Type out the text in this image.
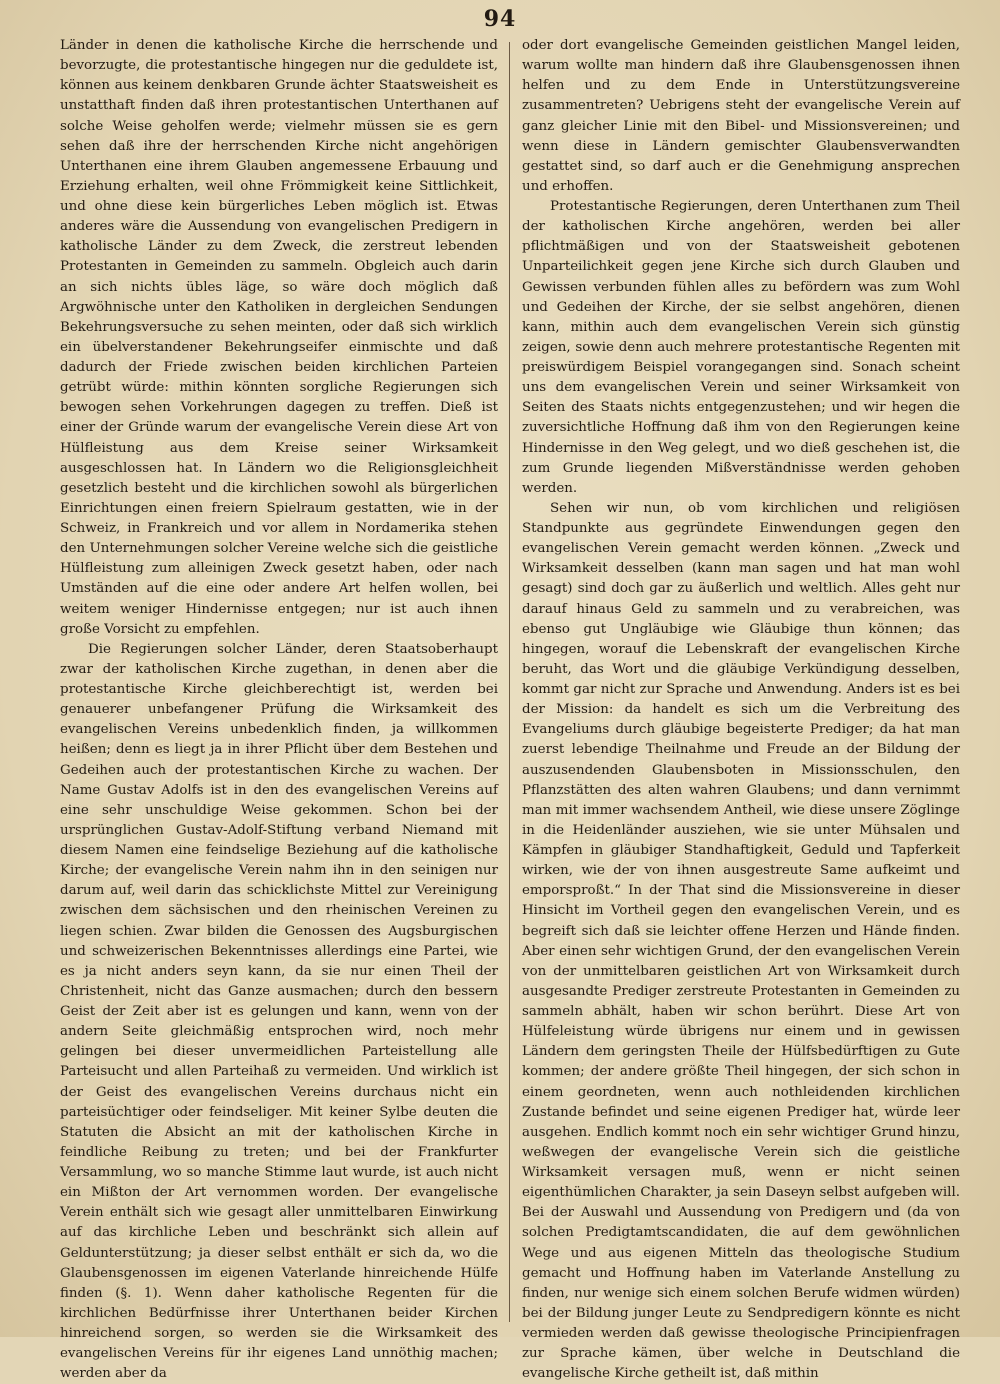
94

Länder in denen die katholische Kirche die herrschende und bevorzugte, die protestantische hingegen nur die geduldete ist, können aus keinem denkbaren Grunde ächter Staatsweisheit es unstatthaft finden daß ihren protestantischen Unterthanen auf solche Weise geholfen werde; vielmehr müssen sie es gern sehen daß ihre der herrschenden Kirche nicht angehörigen Unterthanen eine ihrem Glauben angemessene Erbauung und Erziehung erhalten, weil ohne Frömmigkeit keine Sittlichkeit, und ohne diese kein bürgerliches Leben möglich ist. Etwas anderes wäre die Aussendung von evangelischen Predigern in katholische Länder zu dem Zweck, die zerstreut lebenden Protestanten in Gemeinden zu sammeln. Obgleich auch darin an sich nichts übles läge, so wäre doch möglich daß Argwöhnische unter den Katholiken in dergleichen Sendungen Bekehrungsversuche zu sehen meinten, oder daß sich wirklich ein übelverstandener Bekehrungseifer einmischte und daß dadurch der Friede zwischen beiden kirchlichen Parteien getrübt würde: mithin könnten sorgliche Regierungen sich bewogen sehen Vorkehrungen dagegen zu treffen. Dieß ist einer der Gründe warum der evangelische Verein diese Art von Hülfleistung aus dem Kreise seiner Wirksamkeit ausgeschlossen hat. In Ländern wo die Religionsgleichheit gesetzlich besteht und die kirchlichen sowohl als bürgerlichen Einrichtungen einen freiern Spielraum gestatten, wie in der Schweiz, in Frankreich und vor allem in Nordamerika stehen den Unternehmungen solcher Vereine welche sich die geistliche Hülfleistung zum alleinigen Zweck gesetzt haben, oder nach Umständen auf die eine oder andere Art helfen wollen, bei weitem weniger Hindernisse entgegen; nur ist auch ihnen große Vorsicht zu empfehlen.

Die Regierungen solcher Länder, deren Staatsoberhaupt zwar der katholischen Kirche zugethan, in denen aber die protestantische Kirche gleichberechtigt ist, werden bei genauerer unbefangener Prüfung die Wirksamkeit des evangelischen Vereins unbedenklich finden, ja willkommen heißen; denn es liegt ja in ihrer Pflicht über dem Bestehen und Gedeihen auch der protestantischen Kirche zu wachen. Der Name Gustav Adolfs ist in den des evangelischen Vereins auf eine sehr unschuldige Weise gekommen. Schon bei der ursprünglichen Gustav-Adolf-Stiftung verband Niemand mit diesem Namen eine feindselige Beziehung auf die katholische Kirche; der evangelische Verein nahm ihn in den seinigen nur darum auf, weil darin das schicklichste Mittel zur Vereinigung zwischen dem sächsischen und den rheinischen Vereinen zu liegen schien. Zwar bilden die Genossen des Augsburgischen und schweizerischen Bekenntnisses allerdings eine Partei, wie es ja nicht anders seyn kann, da sie nur einen Theil der Christenheit, nicht das Ganze ausmachen; durch den bessern Geist der Zeit aber ist es gelungen und kann, wenn von der andern Seite gleichmäßig entsprochen wird, noch mehr gelingen bei dieser unvermeidlichen Parteistellung alle Parteisucht und allen Parteihaß zu vermeiden. Und wirklich ist der Geist des evangelischen Vereins durchaus nicht ein parteisüchtiger oder feindseliger. Mit keiner Sylbe deuten die Statuten die Absicht an mit der katholischen Kirche in feindliche Reibung zu treten; und bei der Frankfurter Versammlung, wo so manche Stimme laut wurde, ist auch nicht ein Mißton der Art vernommen worden. Der evangelische Verein enthält sich wie gesagt aller unmittelbaren Einwirkung auf das kirchliche Leben und beschränkt sich allein auf Geldunterstützung; ja dieser selbst enthält er sich da, wo die Glaubensgenossen im eigenen Vaterlande hinreichende Hülfe finden (§. 1). Wenn daher katholische Regenten für die kirchlichen Bedürfnisse ihrer Unterthanen beider Kirchen hinreichend sorgen, so werden sie die Wirksamkeit des evangelischen Vereins für ihr eigenes Land unnöthig machen; werden aber da

oder dort evangelische Gemeinden geistlichen Mangel leiden, warum wollte man hindern daß ihre Glaubensgenossen ihnen helfen und zu dem Ende in Unterstützungsvereine zusammentreten? Uebrigens steht der evangelische Verein auf ganz gleicher Linie mit den Bibel- und Missionsvereinen; und wenn diese in Ländern gemischter Glaubensverwandten gestattet sind, so darf auch er die Genehmigung ansprechen und erhoffen.

Protestantische Regierungen, deren Unterthanen zum Theil der katholischen Kirche angehören, werden bei aller pflichtmäßigen und von der Staatsweisheit gebotenen Unparteilichkeit gegen jene Kirche sich durch Glauben und Gewissen verbunden fühlen alles zu befördern was zum Wohl und Gedeihen der Kirche, der sie selbst angehören, dienen kann, mithin auch dem evangelischen Verein sich günstig zeigen, sowie denn auch mehrere protestantische Regenten mit preiswürdigem Beispiel vorangegangen sind. Sonach scheint uns dem evangelischen Verein und seiner Wirksamkeit von Seiten des Staats nichts entgegenzustehen; und wir hegen die zuversichtliche Hoffnung daß ihm von den Regierungen keine Hindernisse in den Weg gelegt, und wo dieß geschehen ist, die zum Grunde liegenden Mißverständnisse werden gehoben werden.

Sehen wir nun, ob vom kirchlichen und religiösen Standpunkte aus gegründete Einwendungen gegen den evangelischen Verein gemacht werden können. „Zweck und Wirksamkeit desselben (kann man sagen und hat man wohl gesagt) sind doch gar zu äußerlich und weltlich. Alles geht nur darauf hinaus Geld zu sammeln und zu verabreichen, was ebenso gut Ungläubige wie Gläubige thun können; das hingegen, worauf die Lebenskraft der evangelischen Kirche beruht, das Wort und die gläubige Verkündigung desselben, kommt gar nicht zur Sprache und Anwendung. Anders ist es bei der Mission: da handelt es sich um die Verbreitung des Evangeliums durch gläubige begeisterte Prediger; da hat man zuerst lebendige Theilnahme und Freude an der Bildung der auszusendenden Glaubensboten in Missionsschulen, den Pflanzstätten des alten wahren Glaubens; und dann vernimmt man mit immer wachsendem Antheil, wie diese unsere Zöglinge in die Heidenländer ausziehen, wie sie unter Mühsalen und Kämpfen in gläubiger Standhaftigkeit, Geduld und Tapferkeit wirken, wie der von ihnen ausgestreute Same aufkeimt und emporsproßt.“ In der That sind die Missionsvereine in dieser Hinsicht im Vortheil gegen den evangelischen Verein, und es begreift sich daß sie leichter offene Herzen und Hände finden. Aber einen sehr wichtigen Grund, der den evangelischen Verein von der unmittelbaren geistlichen Art von Wirksamkeit durch ausgesandte Prediger zerstreute Protestanten in Gemeinden zu sammeln abhält, haben wir schon berührt. Diese Art von Hülfeleistung würde übrigens nur einem und in gewissen Ländern dem geringsten Theile der Hülfsbedürftigen zu Gute kommen; der andere größte Theil hingegen, der sich schon in einem geordneten, wenn auch nothleidenden kirchlichen Zustande befindet und seine eigenen Prediger hat, würde leer ausgehen. Endlich kommt noch ein sehr wichtiger Grund hinzu, weßwegen der evangelische Verein sich die geistliche Wirksamkeit versagen muß, wenn er nicht seinen eigenthümlichen Charakter, ja sein Daseyn selbst aufgeben will. Bei der Auswahl und Aussendung von Predigern und (da von solchen Predigtamtscandidaten, die auf dem gewöhnlichen Wege und aus eigenen Mitteln das theologische Studium gemacht und Hoffnung haben im Vaterlande Anstellung zu finden, nur wenige sich einem solchen Berufe widmen würden) bei der Bildung junger Leute zu Sendpredigern könnte es nicht vermieden werden daß gewisse theologische Principienfragen zur Sprache kämen, über welche in Deutschland die evangelische Kirche getheilt ist, daß mithin
